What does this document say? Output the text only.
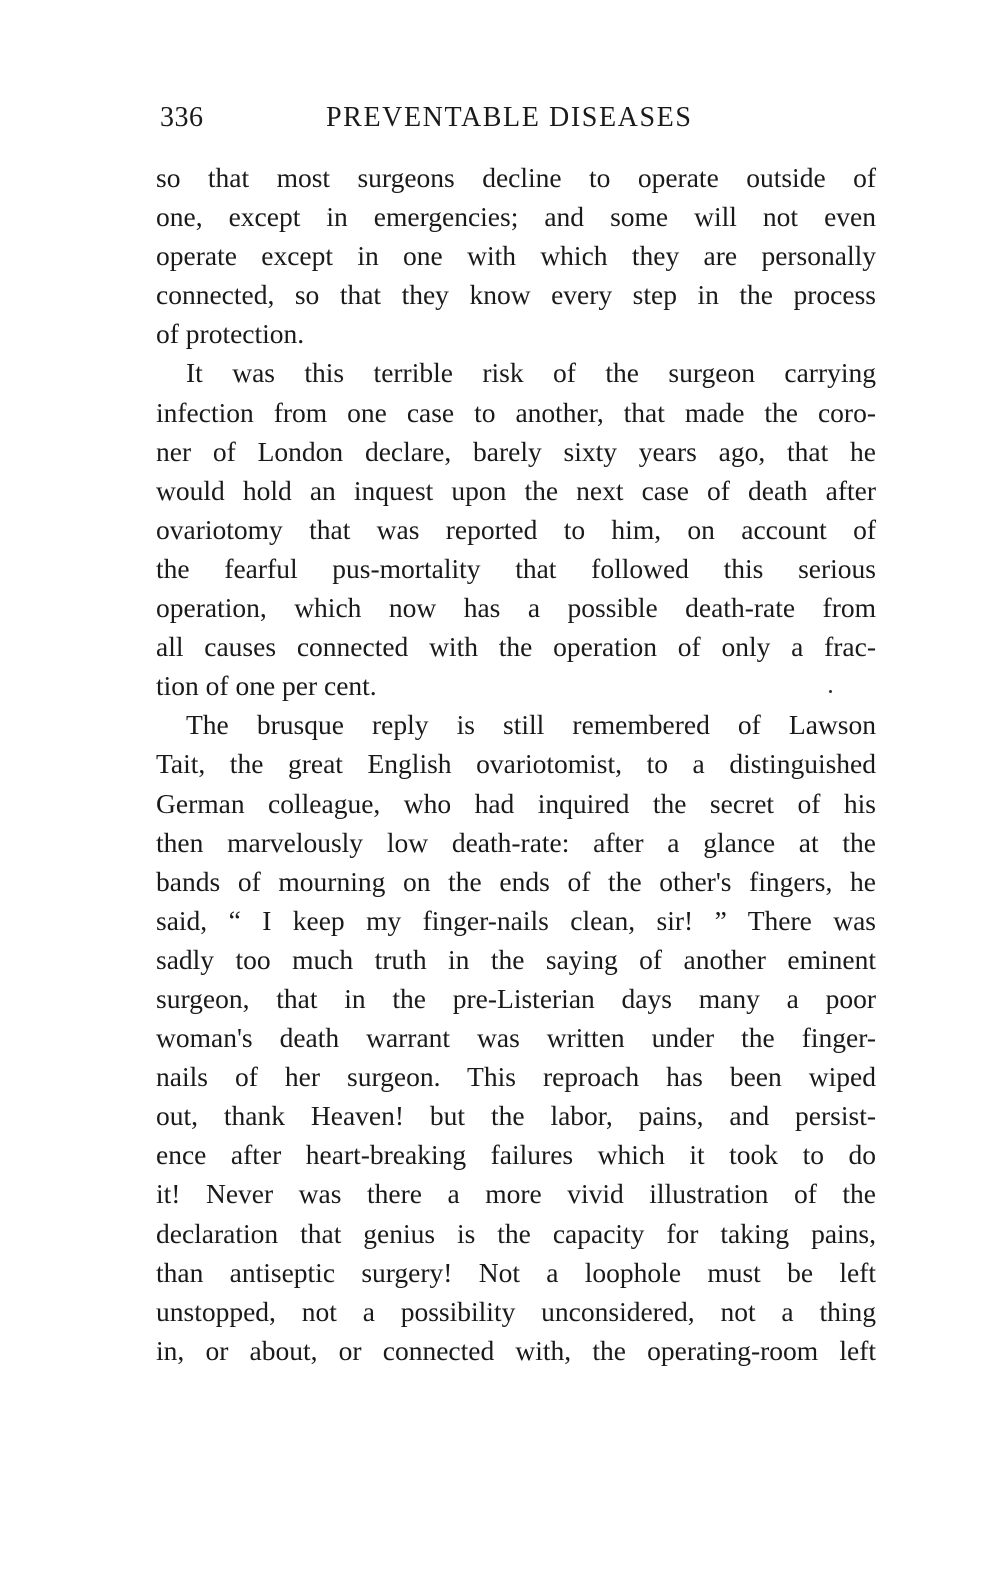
336	PREVENTABLE DISEASES
so that most surgeons decline to operate outside of
one, except in emergencies; and some will not even
operate except in one with which they are personally
connected, so that they know every step in the process
of protection.
It was this terrible risk of the surgeon carrying
infection from one case to another, that made the coro-
ner of London declare, barely sixty years ago, that he
would hold an inquest upon the next case of death after
ovariotomy that was reported to him, on account of
the fearful pus-mortality that followed this serious
operation, which now has a possible death-rate from
all causes connected with the operation of only a frac-
tion of one per cent.
The brusque reply is still remembered of Lawson
Tait, the great English ovariotomist, to a distinguished
German colleague, who had inquired the secret of his
then marvelously low death-rate: after a glance at the
bands of mourning on the ends of the other's fingers, he
said, “ I keep my finger-nails clean, sir! ” There was
sadly too much truth in the saying of another eminent
surgeon, that in the pre-Listerian days many a poor
woman's death warrant was written under the finger-
nails of her surgeon. This reproach has been wiped
out, thank Heaven! but the labor, pains, and persist-
ence after heart-breaking failures which it took to do
it! Never was there a more vivid illustration of the
declaration that genius is the capacity for taking pains,
than antiseptic surgery! Not a loophole must be left
unstopped, not a possibility unconsidered, not a thing
in, or about, or connected with, the operating-room left
